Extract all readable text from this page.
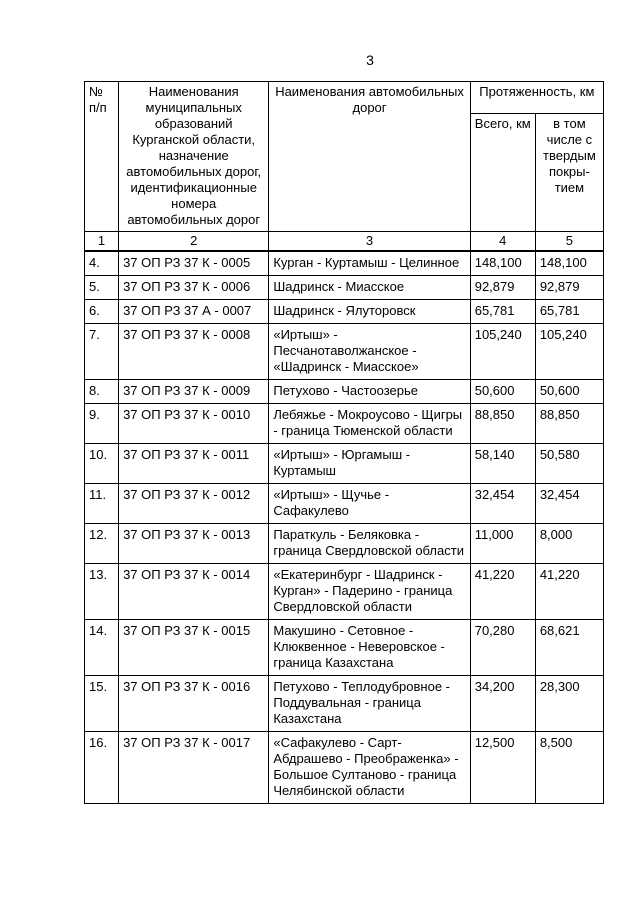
3
№ п/п	Наименования муниципальных образований Курганской области, назначение автомобильных дорог, идентификационные номера автомобильных дорог	Наименования автомобильных дорог	Протяженность, км	
			Всего, км	в том числе с твердым покры-тием
1	2	3	4	5
4.	37 ОП РЗ 37 К - 0005	Курган - Куртамыш - Целинное	148,100	148,100
5.	37 ОП РЗ 37 К - 0006	Шадринск - Миасское	92,879	92,879
6.	37 ОП РЗ 37 А - 0007	Шадринск - Ялуторовск	65,781	65,781
7.	37 ОП РЗ 37 К - 0008	«Иртыш» - Песчанотаволжанское - «Шадринск - Миасское»	105,240	105,240
8.	37 ОП РЗ 37 К - 0009	Петухово - Частоозерье	50,600	50,600
9.	37 ОП РЗ 37 К - 0010	Лебяжье - Мокроусово - Щигры - граница Тюменской области	88,850	88,850
10.	37 ОП РЗ 37 К - 0011	«Иртыш» - Юргамыш - Куртамыш	58,140	50,580
11.	37 ОП РЗ 37 К - 0012	«Иртыш» - Щучье - Сафакулево	32,454	32,454
12.	37 ОП РЗ 37 К - 0013	Параткуль - Беляковка - граница Свердловской области	11,000	8,000
13.	37 ОП РЗ 37 К - 0014	«Екатеринбург - Шадринск - Курган» - Падерино - граница Свердловской области	41,220	41,220
14.	37 ОП РЗ 37 К - 0015	Макушино - Сетовное - Клюквенное - Неверовское - граница Казахстана	70,280	68,621
15.	37 ОП РЗ 37 К - 0016	Петухово - Теплодубровное - Поддувальная - граница Казахстана	34,200	28,300
16.	37 ОП РЗ 37 К - 0017	«Сафакулево - Сарт-Абдрашево - Преображенка» - Большое Султаново - граница Челябинской области	12,500	8,500
